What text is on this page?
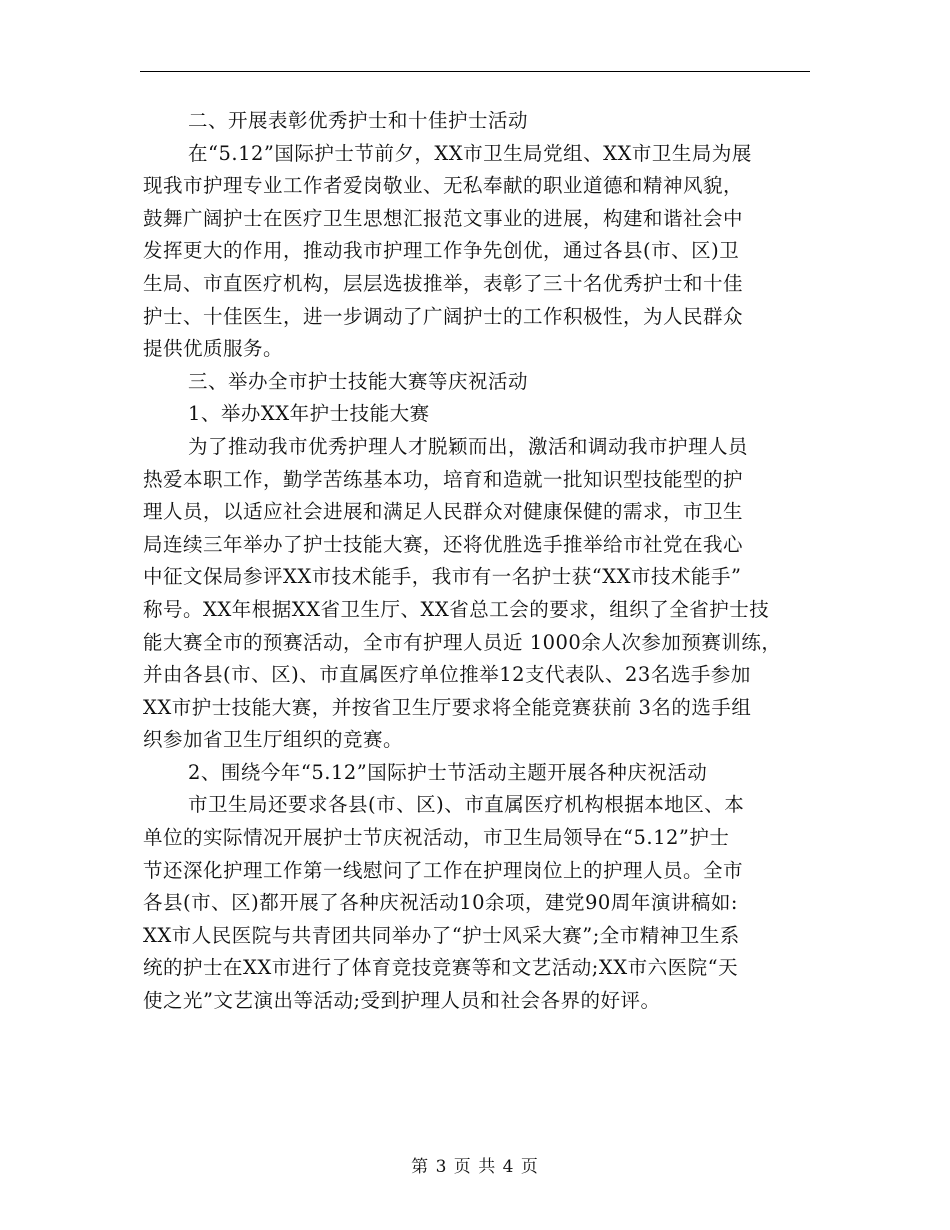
二、开展表彰优秀护士和十佳护士活动
在“5.12”国际护士节前夕，XX市卫生局党组、XX市卫生局为展
现我市护理专业工作者爱岗敬业、无私奉献的职业道德和精神风貌，
鼓舞广阔护士在医疗卫生思想汇报范文事业的进展，构建和谐社会中
发挥更大的作用，推动我市护理工作争先创优，通过各县(市、区)卫
生局、市直医疗机构，层层选拔推举，表彰了三十名优秀护士和十佳
护士、十佳医生，进一步调动了广阔护士的工作积极性，为人民群众
提供优质服务。
三、举办全市护士技能大赛等庆祝活动
1、举办XX年护士技能大赛
为了推动我市优秀护理人才脱颖而出，激活和调动我市护理人员
热爱本职工作，勤学苦练基本功，培育和造就一批知识型技能型的护
理人员，以适应社会进展和满足人民群众对健康保健的需求，市卫生
局连续三年举办了护士技能大赛，还将优胜选手推举给市社党在我心
中征文保局参评XX市技术能手，我市有一名护士获“XX市技术能手”
称号。XX年根据XX省卫生厅、XX省总工会的要求，组织了全省护士技
能大赛全市的预赛活动，全市有护理人员近 1000余人次参加预赛训练，
并由各县(市、区)、市直属医疗单位推举12支代表队、23名选手参加
XX市护士技能大赛，并按省卫生厅要求将全能竞赛获前 3名的选手组
织参加省卫生厅组织的竞赛。
2、围绕今年“5.12”国际护士节活动主题开展各种庆祝活动
市卫生局还要求各县(市、区)、市直属医疗机构根据本地区、本
单位的实际情况开展护士节庆祝活动，市卫生局领导在“5.12”护士
节还深化护理工作第一线慰问了工作在护理岗位上的护理人员。全市
各县(市、区)都开展了各种庆祝活动10余项，建党90周年演讲稿如:
XX市人民医院与共青团共同举办了“护士风采大赛”;全市精神卫生系
统的护士在XX市进行了体育竞技竞赛等和文艺活动;XX市六医院“天
使之光”文艺演出等活动;受到护理人员和社会各界的好评。
第 3 页 共 4 页
